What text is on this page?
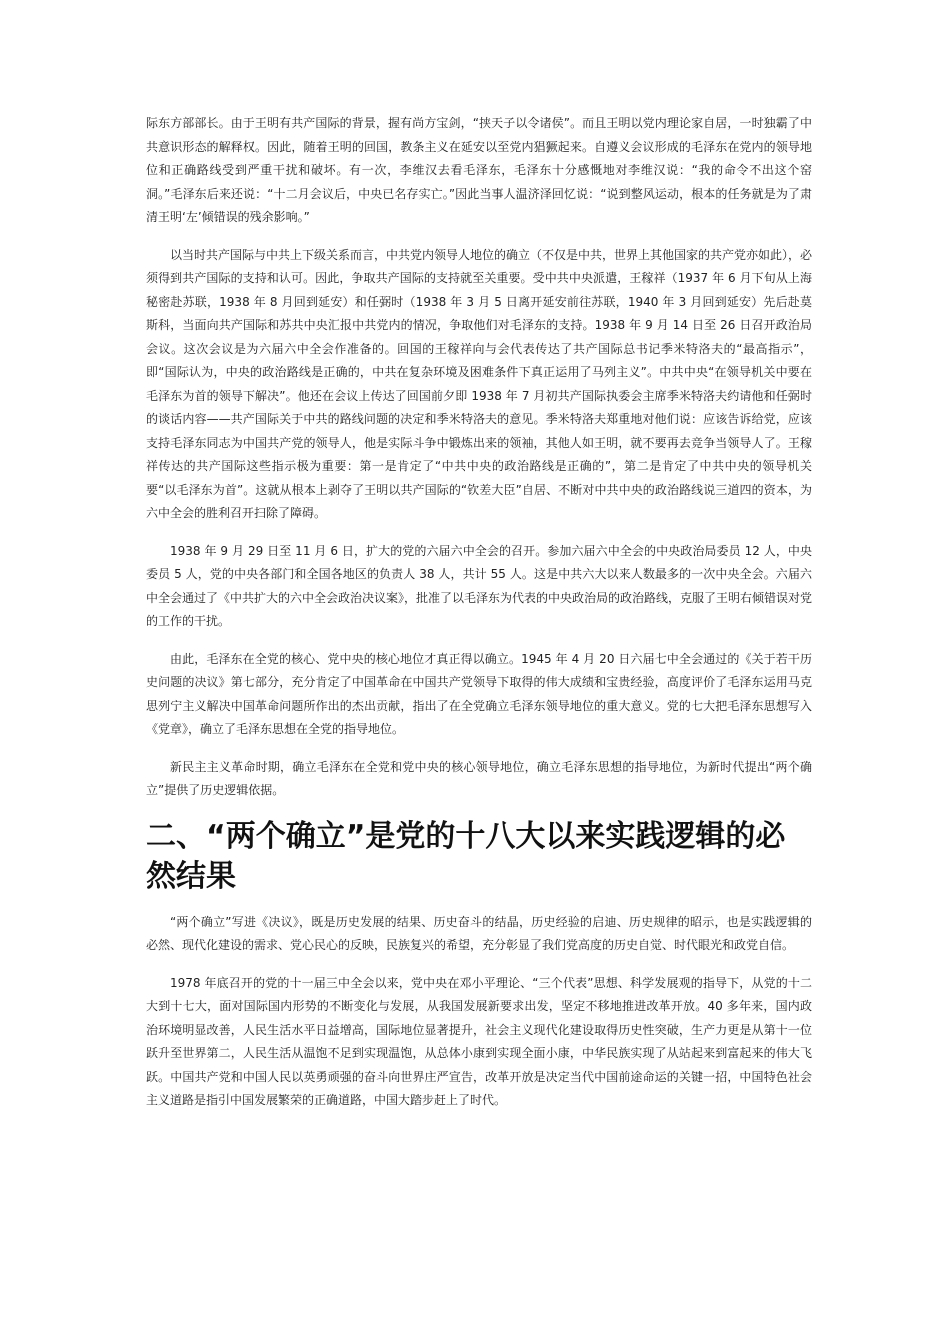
际东方部部长。由于王明有共产国际的背景，握有尚方宝剑，“挟天子以令诸侯”。而且王明以党内理论家自居，一时独霸了中共意识形态的解释权。因此，随着王明的回国，教条主义在延安以至党内猖獗起来。自遵义会议形成的毛泽东在党内的领导地位和正确路线受到严重干扰和破坏。有一次，李维汉去看毛泽东，毛泽东十分感慨地对李维汉说：“我的命令不出这个窑洞。”毛泽东后来还说：“十二月会议后，中央已名存实亡。”因此当事人温济泽回忆说：“说到整风运动，根本的任务就是为了肃清王明‘左’倾错误的残余影响。”

以当时共产国际与中共上下级关系而言，中共党内领导人地位的确立（不仅是中共，世界上其他国家的共产党亦如此），必须得到共产国际的支持和认可。因此，争取共产国际的支持就至关重要。受中共中央派遣，王稼祥（1937 年 6 月下旬从上海秘密赴苏联，1938 年 8 月回到延安）和任弼时（1938 年 3 月 5 日离开延安前往苏联，1940 年 3 月回到延安）先后赴莫斯科，当面向共产国际和苏共中央汇报中共党内的情况，争取他们对毛泽东的支持。1938 年 9 月 14 日至 26 日召开政治局会议。这次会议是为六届六中全会作准备的。回国的王稼祥向与会代表传达了共产国际总书记季米特洛夫的“最高指示”，即“国际认为，中央的政治路线是正确的，中共在复杂环境及困难条件下真正运用了马列主义”。中共中央“在领导机关中要在毛泽东为首的领导下解决”。他还在会议上传达了回国前夕即 1938 年 7 月初共产国际执委会主席季米特洛夫约请他和任弼时的谈话内容——共产国际关于中共的路线问题的决定和季米特洛夫的意见。季米特洛夫郑重地对他们说：应该告诉给党，应该支持毛泽东同志为中国共产党的领导人，他是实际斗争中锻炼出来的领袖，其他人如王明，就不要再去竞争当领导人了。王稼祥传达的共产国际这些指示极为重要：第一是肯定了“中共中央的政治路线是正确的”，第二是肯定了中共中央的领导机关要“以毛泽东为首”。这就从根本上剥夺了王明以共产国际的“钦差大臣”自居、不断对中共中央的政治路线说三道四的资本，为六中全会的胜利召开扫除了障碍。

1938 年 9 月 29 日至 11 月 6 日，扩大的党的六届六中全会的召开。参加六届六中全会的中央政治局委员 12 人，中央委员 5 人，党的中央各部门和全国各地区的负责人 38 人，共计 55 人。这是中共六大以来人数最多的一次中央全会。六届六中全会通过了《中共扩大的六中全会政治决议案》，批准了以毛泽东为代表的中央政治局的政治路线，克服了王明右倾错误对党的工作的干扰。

由此，毛泽东在全党的核心、党中央的核心地位才真正得以确立。1945 年 4 月 20 日六届七中全会通过的《关于若干历史问题的决议》第七部分，充分肯定了中国革命在中国共产党领导下取得的伟大成绩和宝贵经验，高度评价了毛泽东运用马克思列宁主义解决中国革命问题所作出的杰出贡献，指出了在全党确立毛泽东领导地位的重大意义。党的七大把毛泽东思想写入《党章》，确立了毛泽东思想在全党的指导地位。

新民主主义革命时期，确立毛泽东在全党和党中央的核心领导地位，确立毛泽东思想的指导地位，为新时代提出“两个确立”提供了历史逻辑依据。

二、“两个确立”是党的十八大以来实践逻辑的必然结果

“两个确立”写进《决议》，既是历史发展的结果、历史奋斗的结晶，历史经验的启迪、历史规律的昭示，也是实践逻辑的必然、现代化建设的需求、党心民心的反映，民族复兴的希望，充分彰显了我们党高度的历史自觉、时代眼光和政党自信。

1978 年底召开的党的十一届三中全会以来，党中央在邓小平理论、“三个代表”思想、科学发展观的指导下，从党的十二大到十七大，面对国际国内形势的不断变化与发展，从我国发展新要求出发，坚定不移地推进改革开放。40 多年来，国内政治环境明显改善，人民生活水平日益增高，国际地位显著提升，社会主义现代化建设取得历史性突破，生产力更是从第十一位跃升至世界第二，人民生活从温饱不足到实现温饱，从总体小康到实现全面小康，中华民族实现了从站起来到富起来的伟大飞跃。中国共产党和中国人民以英勇顽强的奋斗向世界庄严宣告，改革开放是决定当代中国前途命运的关键一招，中国特色社会主义道路是指引中国发展繁荣的正确道路，中国大踏步赶上了时代。
